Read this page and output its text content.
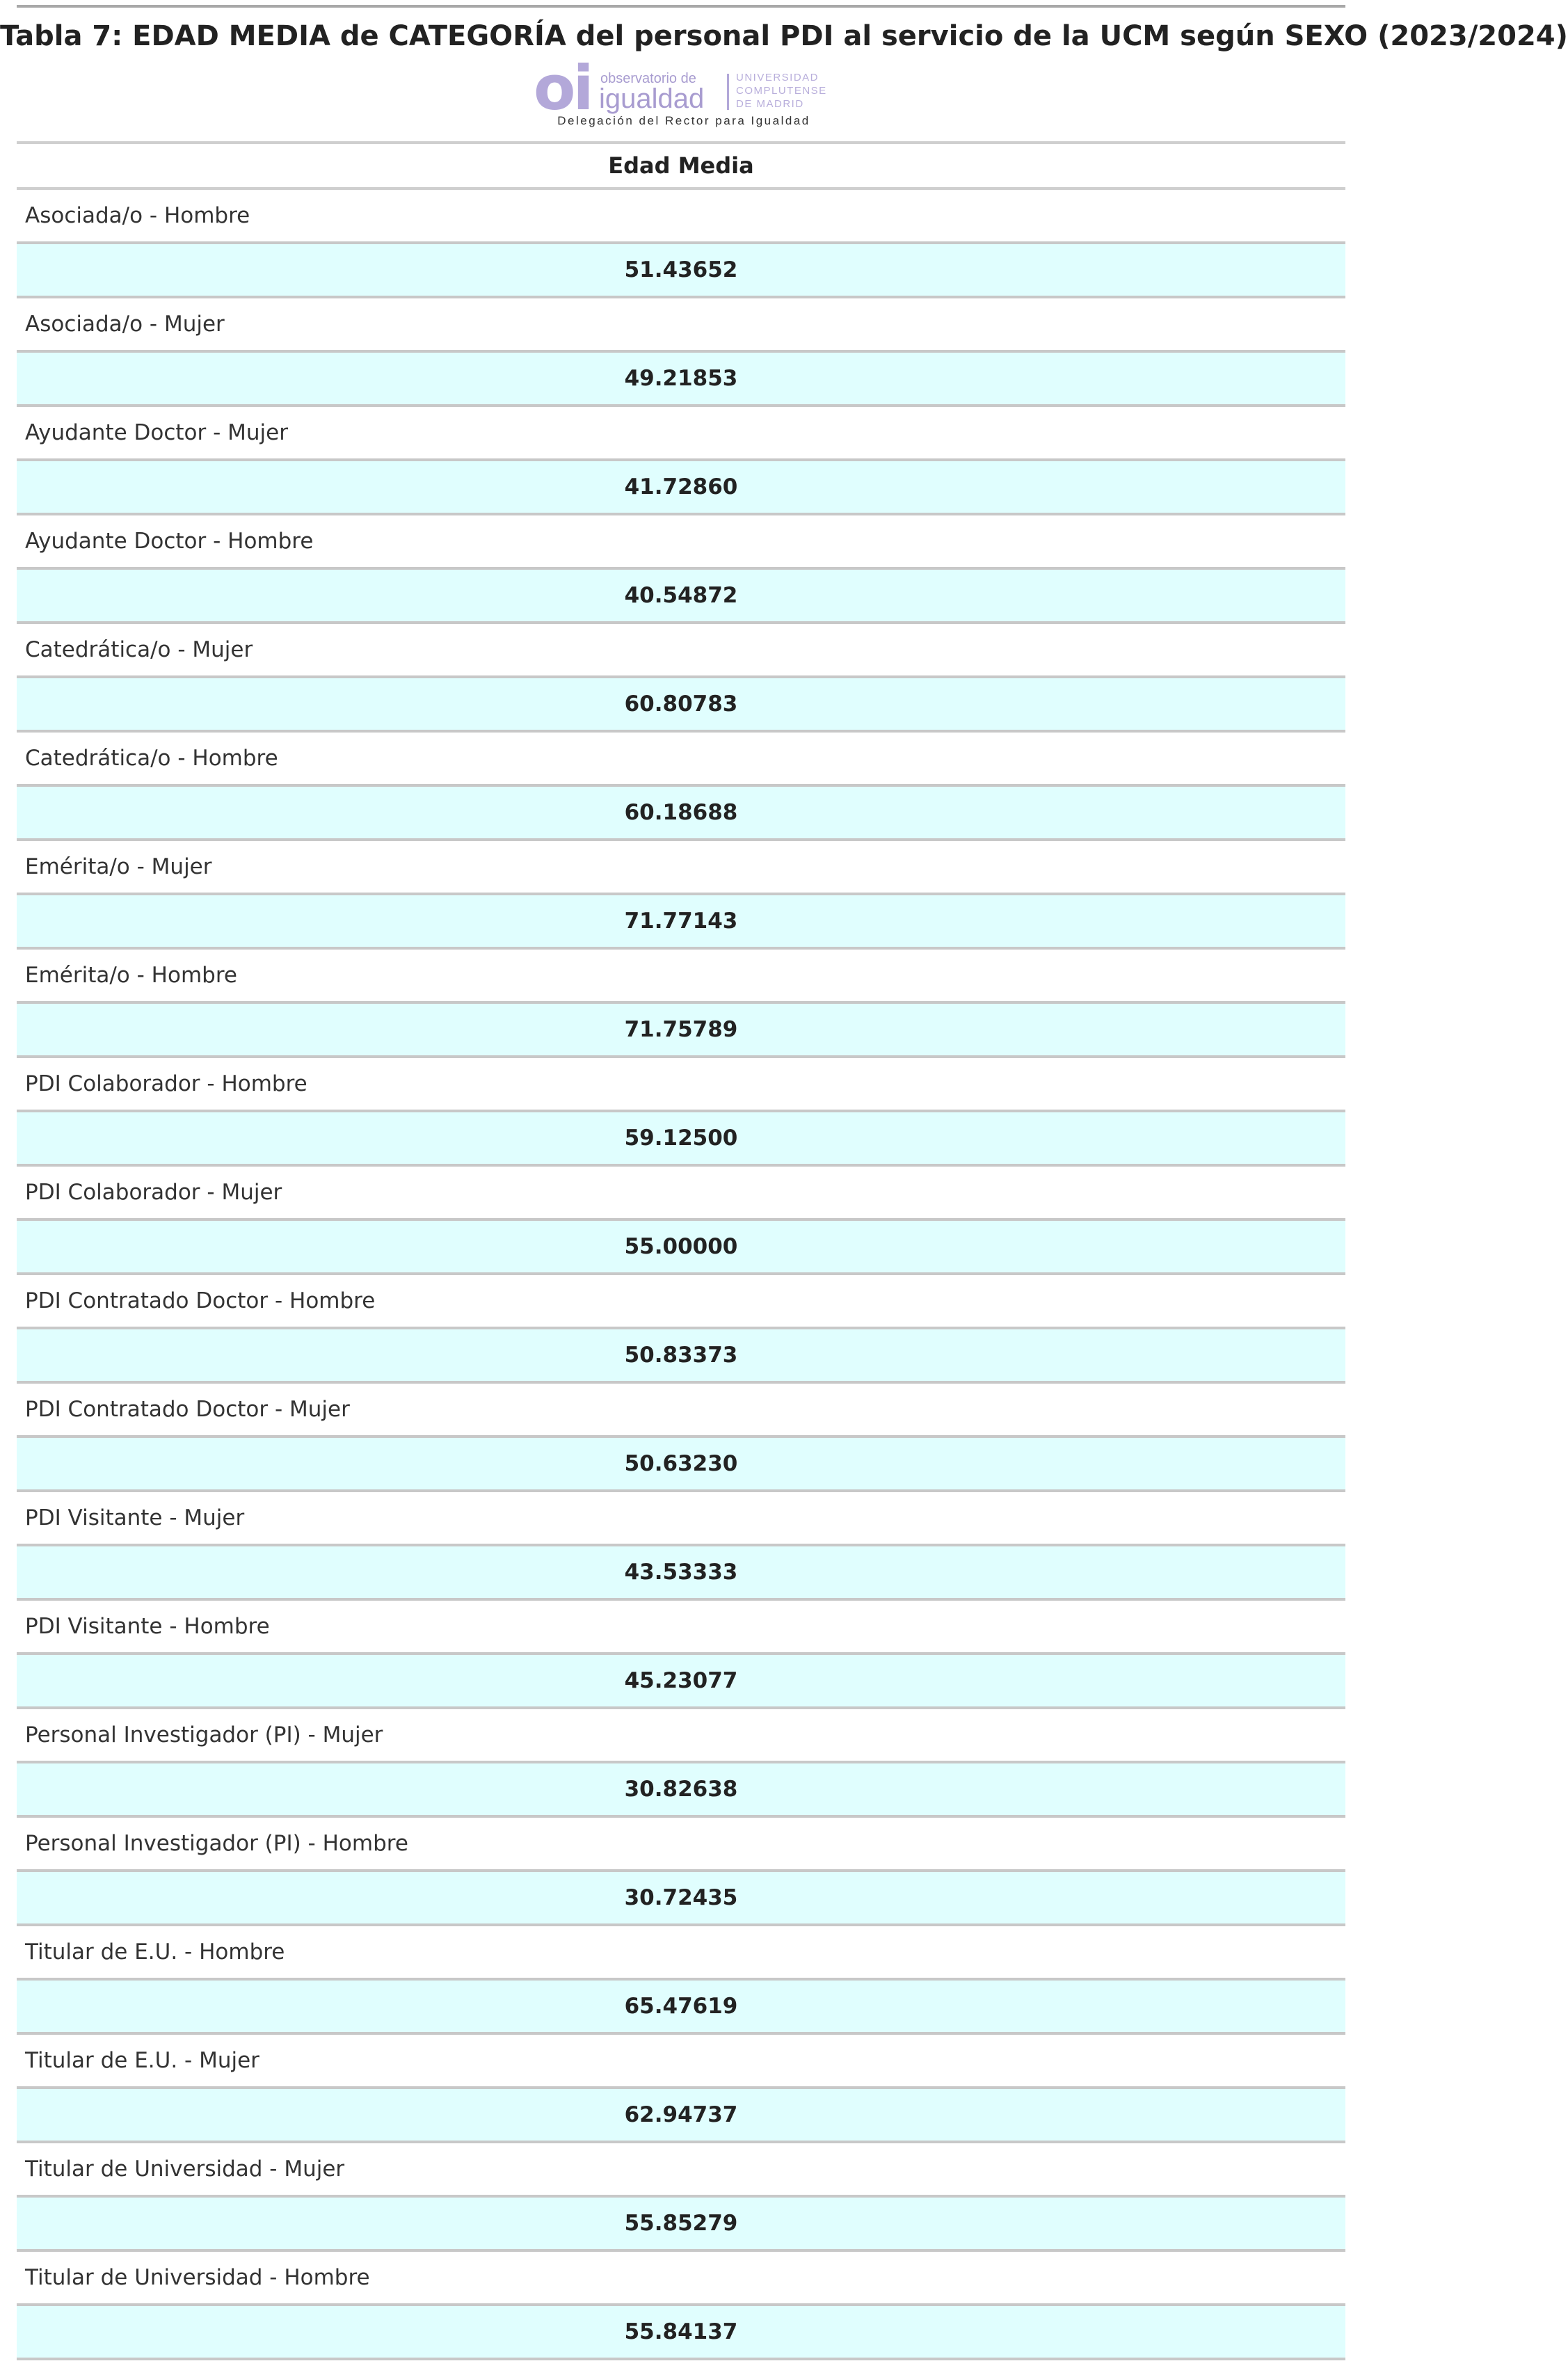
Tabla 7: EDAD MEDIA de CATEGORÍA del personal PDI al servicio de la UCM según SEXO (2023/2024)
oi observatorio de
igualdad
UNIVERSIDAD
COMPLUTENSE
DE MADRID
Delegación del Rector para Igualdad
Edad Media
Asociada/o - Hombre
51.43652
Asociada/o - Mujer
49.21853
Ayudante Doctor - Mujer
41.72860
Ayudante Doctor - Hombre
40.54872
Catedrática/o - Mujer
60.80783
Catedrática/o - Hombre
60.18688
Emérita/o - Mujer
71.77143
Emérita/o - Hombre
71.75789
PDI Colaborador - Hombre
59.12500
PDI Colaborador - Mujer
55.00000
PDI Contratado Doctor - Hombre
50.83373
PDI Contratado Doctor - Mujer
50.63230
PDI Visitante - Mujer
43.53333
PDI Visitante - Hombre
45.23077
Personal Investigador (PI) - Mujer
30.82638
Personal Investigador (PI) - Hombre
30.72435
Titular de E.U. - Hombre
65.47619
Titular de E.U. - Mujer
62.94737
Titular de Universidad - Mujer
55.85279
Titular de Universidad - Hombre
55.84137
